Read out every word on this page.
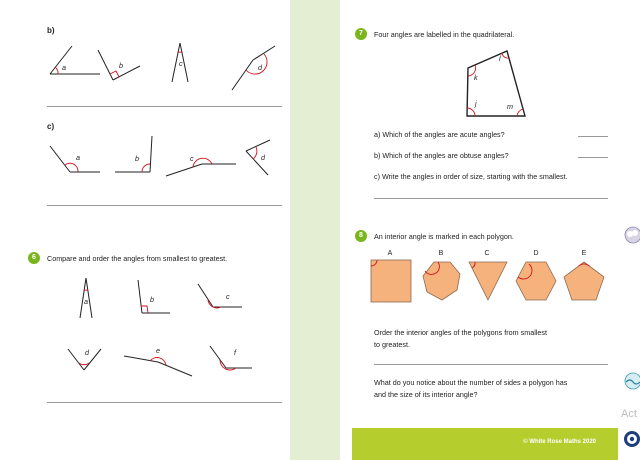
b)
a	b	c	d
c)
a	b	c	d
6	Compare and order the angles from smallest to greatest.
a	b	c
d	e	f
7	Four angles are labelled in the quadrilateral.
k
l
j	m
a) Which of the angles are acute angles?
b) Which of the angles are obtuse angles?
c) Write the angles in order of size, starting with the smallest.
8	An interior angle is marked in each polygon.
A	B	C	D	E
Order the interior angles of the polygons from smallest
to greatest.
What do you notice about the number of sides a polygon has
and the size of its interior angle?
© White Rose Maths 2020
Act
